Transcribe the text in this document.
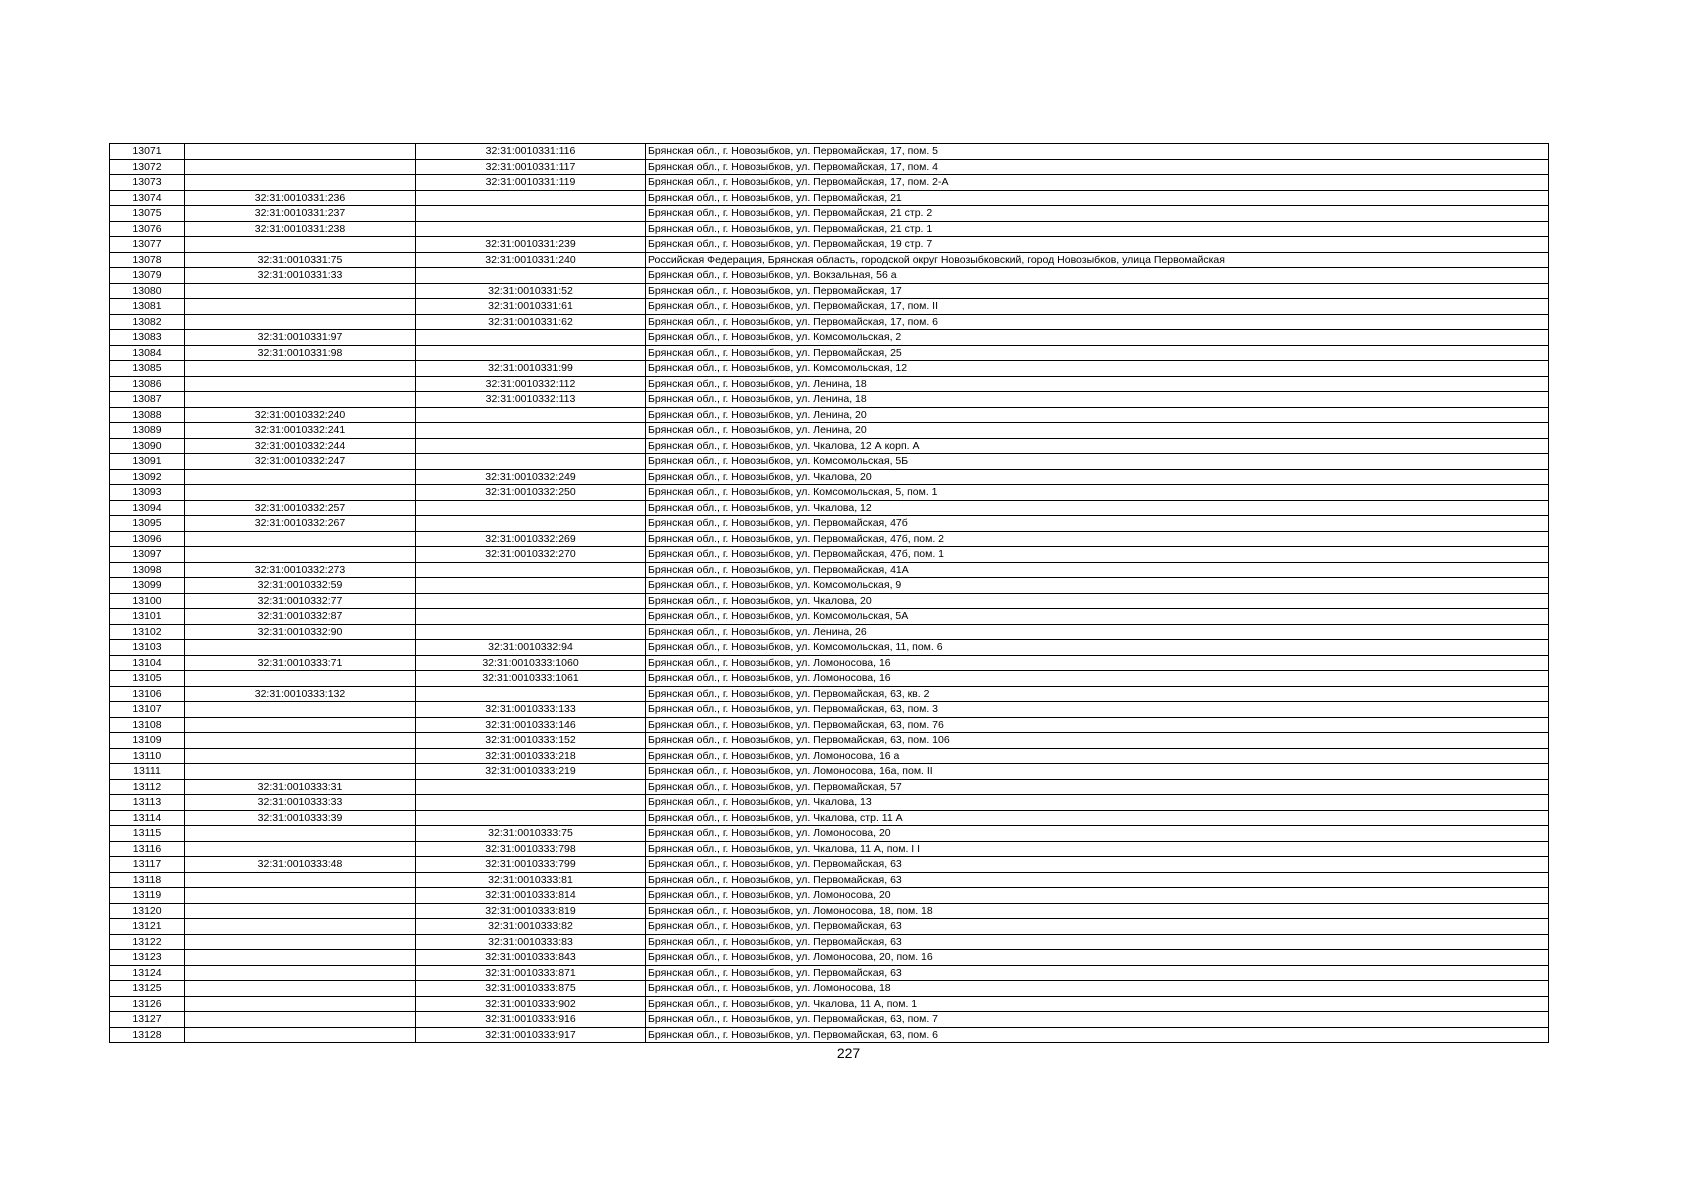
13071		32:31:0010331:116	Брянская обл., г. Новозыбков, ул. Первомайская, 17, пом. 5
13072		32:31:0010331:117	Брянская обл., г. Новозыбков, ул. Первомайская, 17, пом. 4
13073		32:31:0010331:119	Брянская обл., г. Новозыбков, ул. Первомайская, 17, пом. 2-А
13074	32:31:0010331:236		Брянская обл., г. Новозыбков, ул. Первомайская, 21
13075	32:31:0010331:237		Брянская обл., г. Новозыбков, ул. Первомайская, 21 стр. 2
13076	32:31:0010331:238		Брянская обл., г. Новозыбков, ул. Первомайская, 21 стр. 1
13077		32:31:0010331:239	Брянская обл., г. Новозыбков, ул. Первомайская, 19 стр. 7
13078	32:31:0010331:75	32:31:0010331:240	Российская Федерация, Брянская область, городской округ Новозыбковский, город Новозыбков, улица Первомайская
13079	32:31:0010331:33		Брянская обл., г. Новозыбков, ул. Вокзальная, 56 а
13080		32:31:0010331:52	Брянская обл., г. Новозыбков, ул. Первомайская, 17
13081		32:31:0010331:61	Брянская обл., г. Новозыбков, ул. Первомайская, 17, пом. II
13082		32:31:0010331:62	Брянская обл., г. Новозыбков, ул. Первомайская, 17, пом. 6
13083	32:31:0010331:97		Брянская обл., г. Новозыбков, ул. Комсомольская, 2
13084	32:31:0010331:98		Брянская обл., г. Новозыбков, ул. Первомайская, 25
13085		32:31:0010331:99	Брянская обл., г. Новозыбков, ул. Комсомольская, 12
13086		32:31:0010332:112	Брянская обл., г. Новозыбков, ул. Ленина, 18
13087		32:31:0010332:113	Брянская обл., г. Новозыбков, ул. Ленина, 18
13088	32:31:0010332:240		Брянская обл., г. Новозыбков, ул. Ленина, 20
13089	32:31:0010332:241		Брянская обл., г. Новозыбков, ул. Ленина, 20
13090	32:31:0010332:244		Брянская обл., г. Новозыбков, ул. Чкалова, 12 А корп. А
13091	32:31:0010332:247		Брянская обл., г. Новозыбков, ул. Комсомольская, 5Б
13092		32:31:0010332:249	Брянская обл., г. Новозыбков, ул. Чкалова, 20
13093		32:31:0010332:250	Брянская обл., г. Новозыбков, ул. Комсомольская, 5, пом. 1
13094	32:31:0010332:257		Брянская обл., г. Новозыбков, ул. Чкалова, 12
13095	32:31:0010332:267		Брянская обл., г. Новозыбков, ул. Первомайская, 47б
13096		32:31:0010332:269	Брянская обл., г. Новозыбков, ул. Первомайская, 47б, пом. 2
13097		32:31:0010332:270	Брянская обл., г. Новозыбков, ул. Первомайская, 47б, пом. 1
13098	32:31:0010332:273		Брянская обл., г. Новозыбков, ул. Первомайская, 41А
13099	32:31:0010332:59		Брянская обл., г. Новозыбков, ул. Комсомольская, 9
13100	32:31:0010332:77		Брянская обл., г. Новозыбков, ул. Чкалова, 20
13101	32:31:0010332:87		Брянская обл., г. Новозыбков, ул. Комсомольская, 5А
13102	32:31:0010332:90		Брянская обл., г. Новозыбков, ул. Ленина, 26
13103		32:31:0010332:94	Брянская обл., г. Новозыбков, ул. Комсомольская, 11, пом. 6
13104	32:31:0010333:71	32:31:0010333:1060	Брянская обл., г. Новозыбков, ул. Ломоносова, 16
13105		32:31:0010333:1061	Брянская обл., г. Новозыбков, ул. Ломоносова, 16
13106	32:31:0010333:132		Брянская обл., г. Новозыбков, ул. Первомайская, 63, кв. 2
13107		32:31:0010333:133	Брянская обл., г. Новозыбков, ул. Первомайская, 63, пом. 3
13108		32:31:0010333:146	Брянская обл., г. Новозыбков, ул. Первомайская, 63, пом. 76
13109		32:31:0010333:152	Брянская обл., г. Новозыбков, ул. Первомайская, 63, пом. 106
13110		32:31:0010333:218	Брянская обл., г. Новозыбков, ул. Ломоносова, 16 а
13111		32:31:0010333:219	Брянская обл., г. Новозыбков, ул. Ломоносова, 16а, пом. II
13112	32:31:0010333:31		Брянская обл., г. Новозыбков, ул. Первомайская, 57
13113	32:31:0010333:33		Брянская обл., г. Новозыбков, ул. Чкалова, 13
13114	32:31:0010333:39		Брянская обл., г. Новозыбков, ул. Чкалова, стр. 11 А
13115		32:31:0010333:75	Брянская обл., г. Новозыбков, ул. Ломоносова, 20
13116		32:31:0010333:798	Брянская обл., г. Новозыбков, ул. Чкалова, 11 А, пом. I I
13117	32:31:0010333:48	32:31:0010333:799	Брянская обл., г. Новозыбков, ул. Первомайская, 63
13118		32:31:0010333:81	Брянская обл., г. Новозыбков, ул. Первомайская, 63
13119		32:31:0010333:814	Брянская обл., г. Новозыбков, ул. Ломоносова, 20
13120		32:31:0010333:819	Брянская обл., г. Новозыбков, ул. Ломоносова, 18, пом. 18
13121		32:31:0010333:82	Брянская обл., г. Новозыбков, ул. Первомайская, 63
13122		32:31:0010333:83	Брянская обл., г. Новозыбков, ул. Первомайская, 63
13123		32:31:0010333:843	Брянская обл., г. Новозыбков, ул. Ломоносова, 20, пом. 16
13124		32:31:0010333:871	Брянская обл., г. Новозыбков, ул. Первомайская, 63
13125		32:31:0010333:875	Брянская обл., г. Новозыбков, ул. Ломоносова, 18
13126		32:31:0010333:902	Брянская обл., г. Новозыбков, ул. Чкалова, 11 А, пом. 1
13127		32:31:0010333:916	Брянская обл., г. Новозыбков, ул. Первомайская, 63, пом. 7
13128		32:31:0010333:917	Брянская обл., г. Новозыбков, ул. Первомайская, 63, пом. 6
227
